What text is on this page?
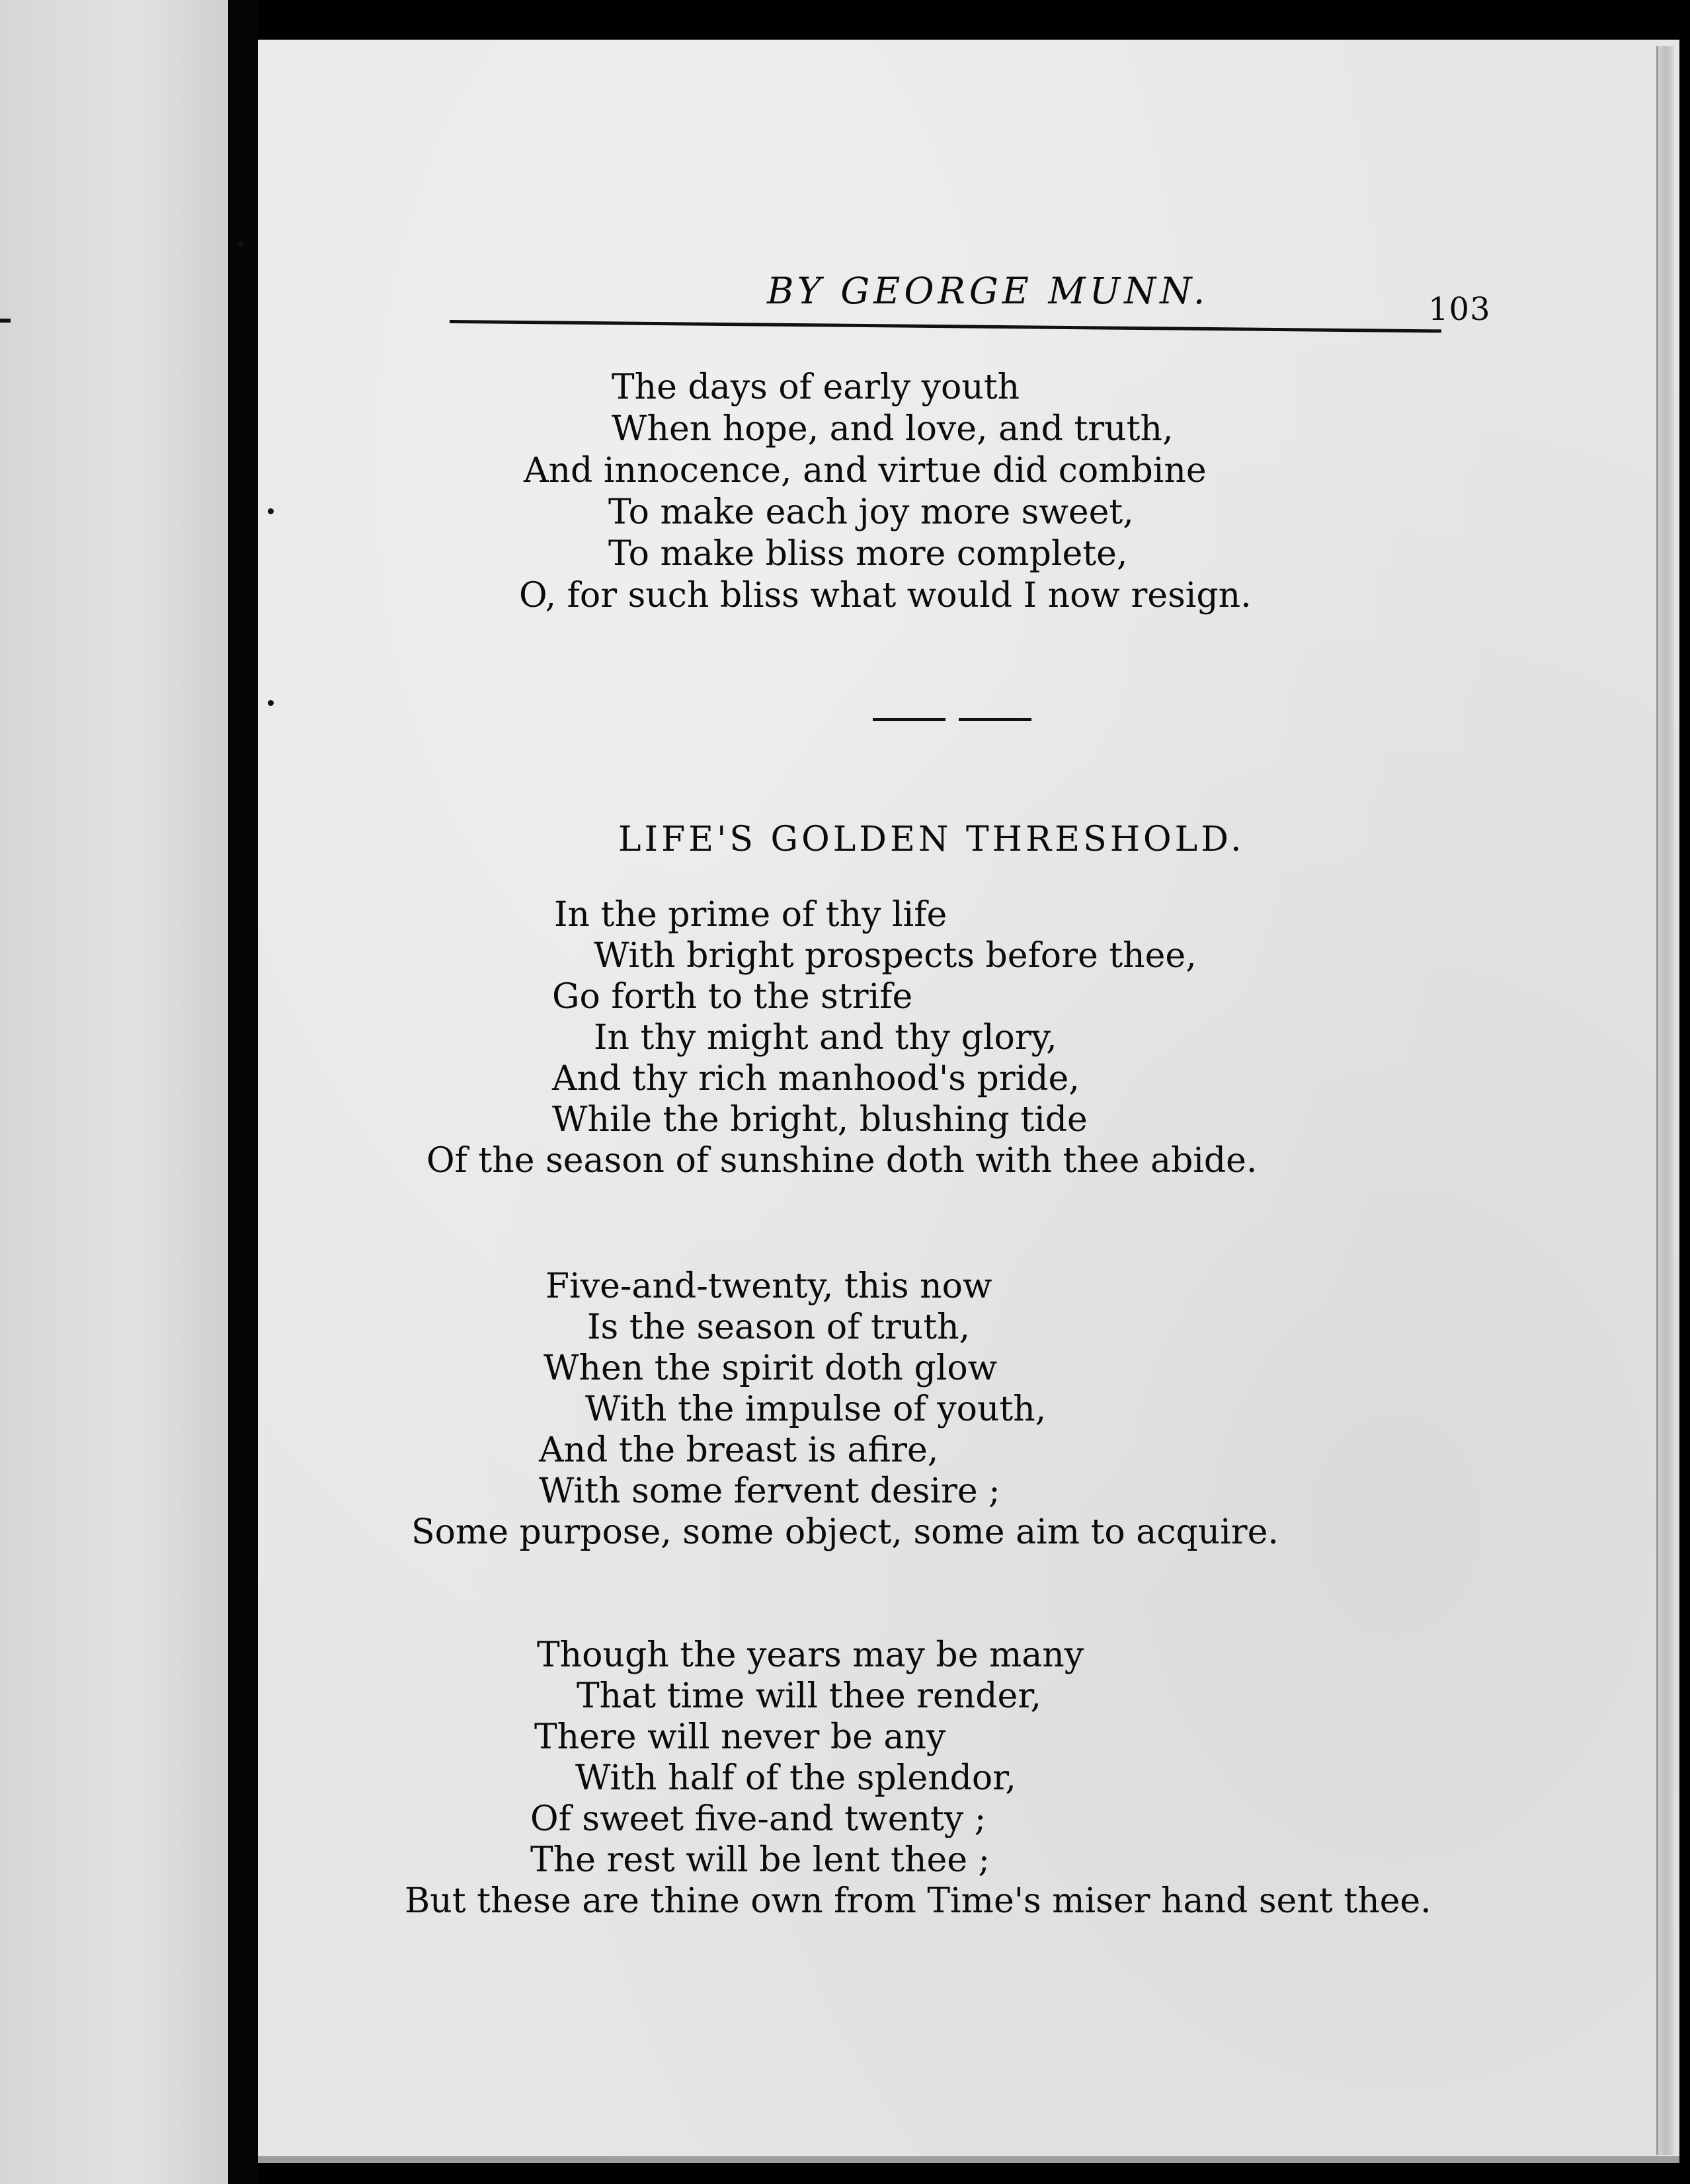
BY GEORGE MUNN.	103
The days of early youth
When hope, and love, and truth,
And innocence, and virtue did combine
To make each joy more sweet,
To make bliss more complete,
O, for such bliss what would I now resign.
LIFE'S GOLDEN THRESHOLD.
In the prime of thy life
With bright prospects before thee,
Go forth to the strife
In thy might and thy glory,
And thy rich manhood's pride,
While the bright, blushing tide
Of the season of sunshine doth with thee abide.
Five-and-twenty, this now
Is the season of truth,
When the spirit doth glow
With the impulse of youth,
And the breast is afire,
With some fervent desire ;
Some purpose, some object, some aim to acquire.
Though the years may be many
That time will thee render,
There will never be any
With half of the splendor,
Of sweet five-and twenty ;
The rest will be lent thee ;
But these are thine own from Time's miser hand sent thee.
